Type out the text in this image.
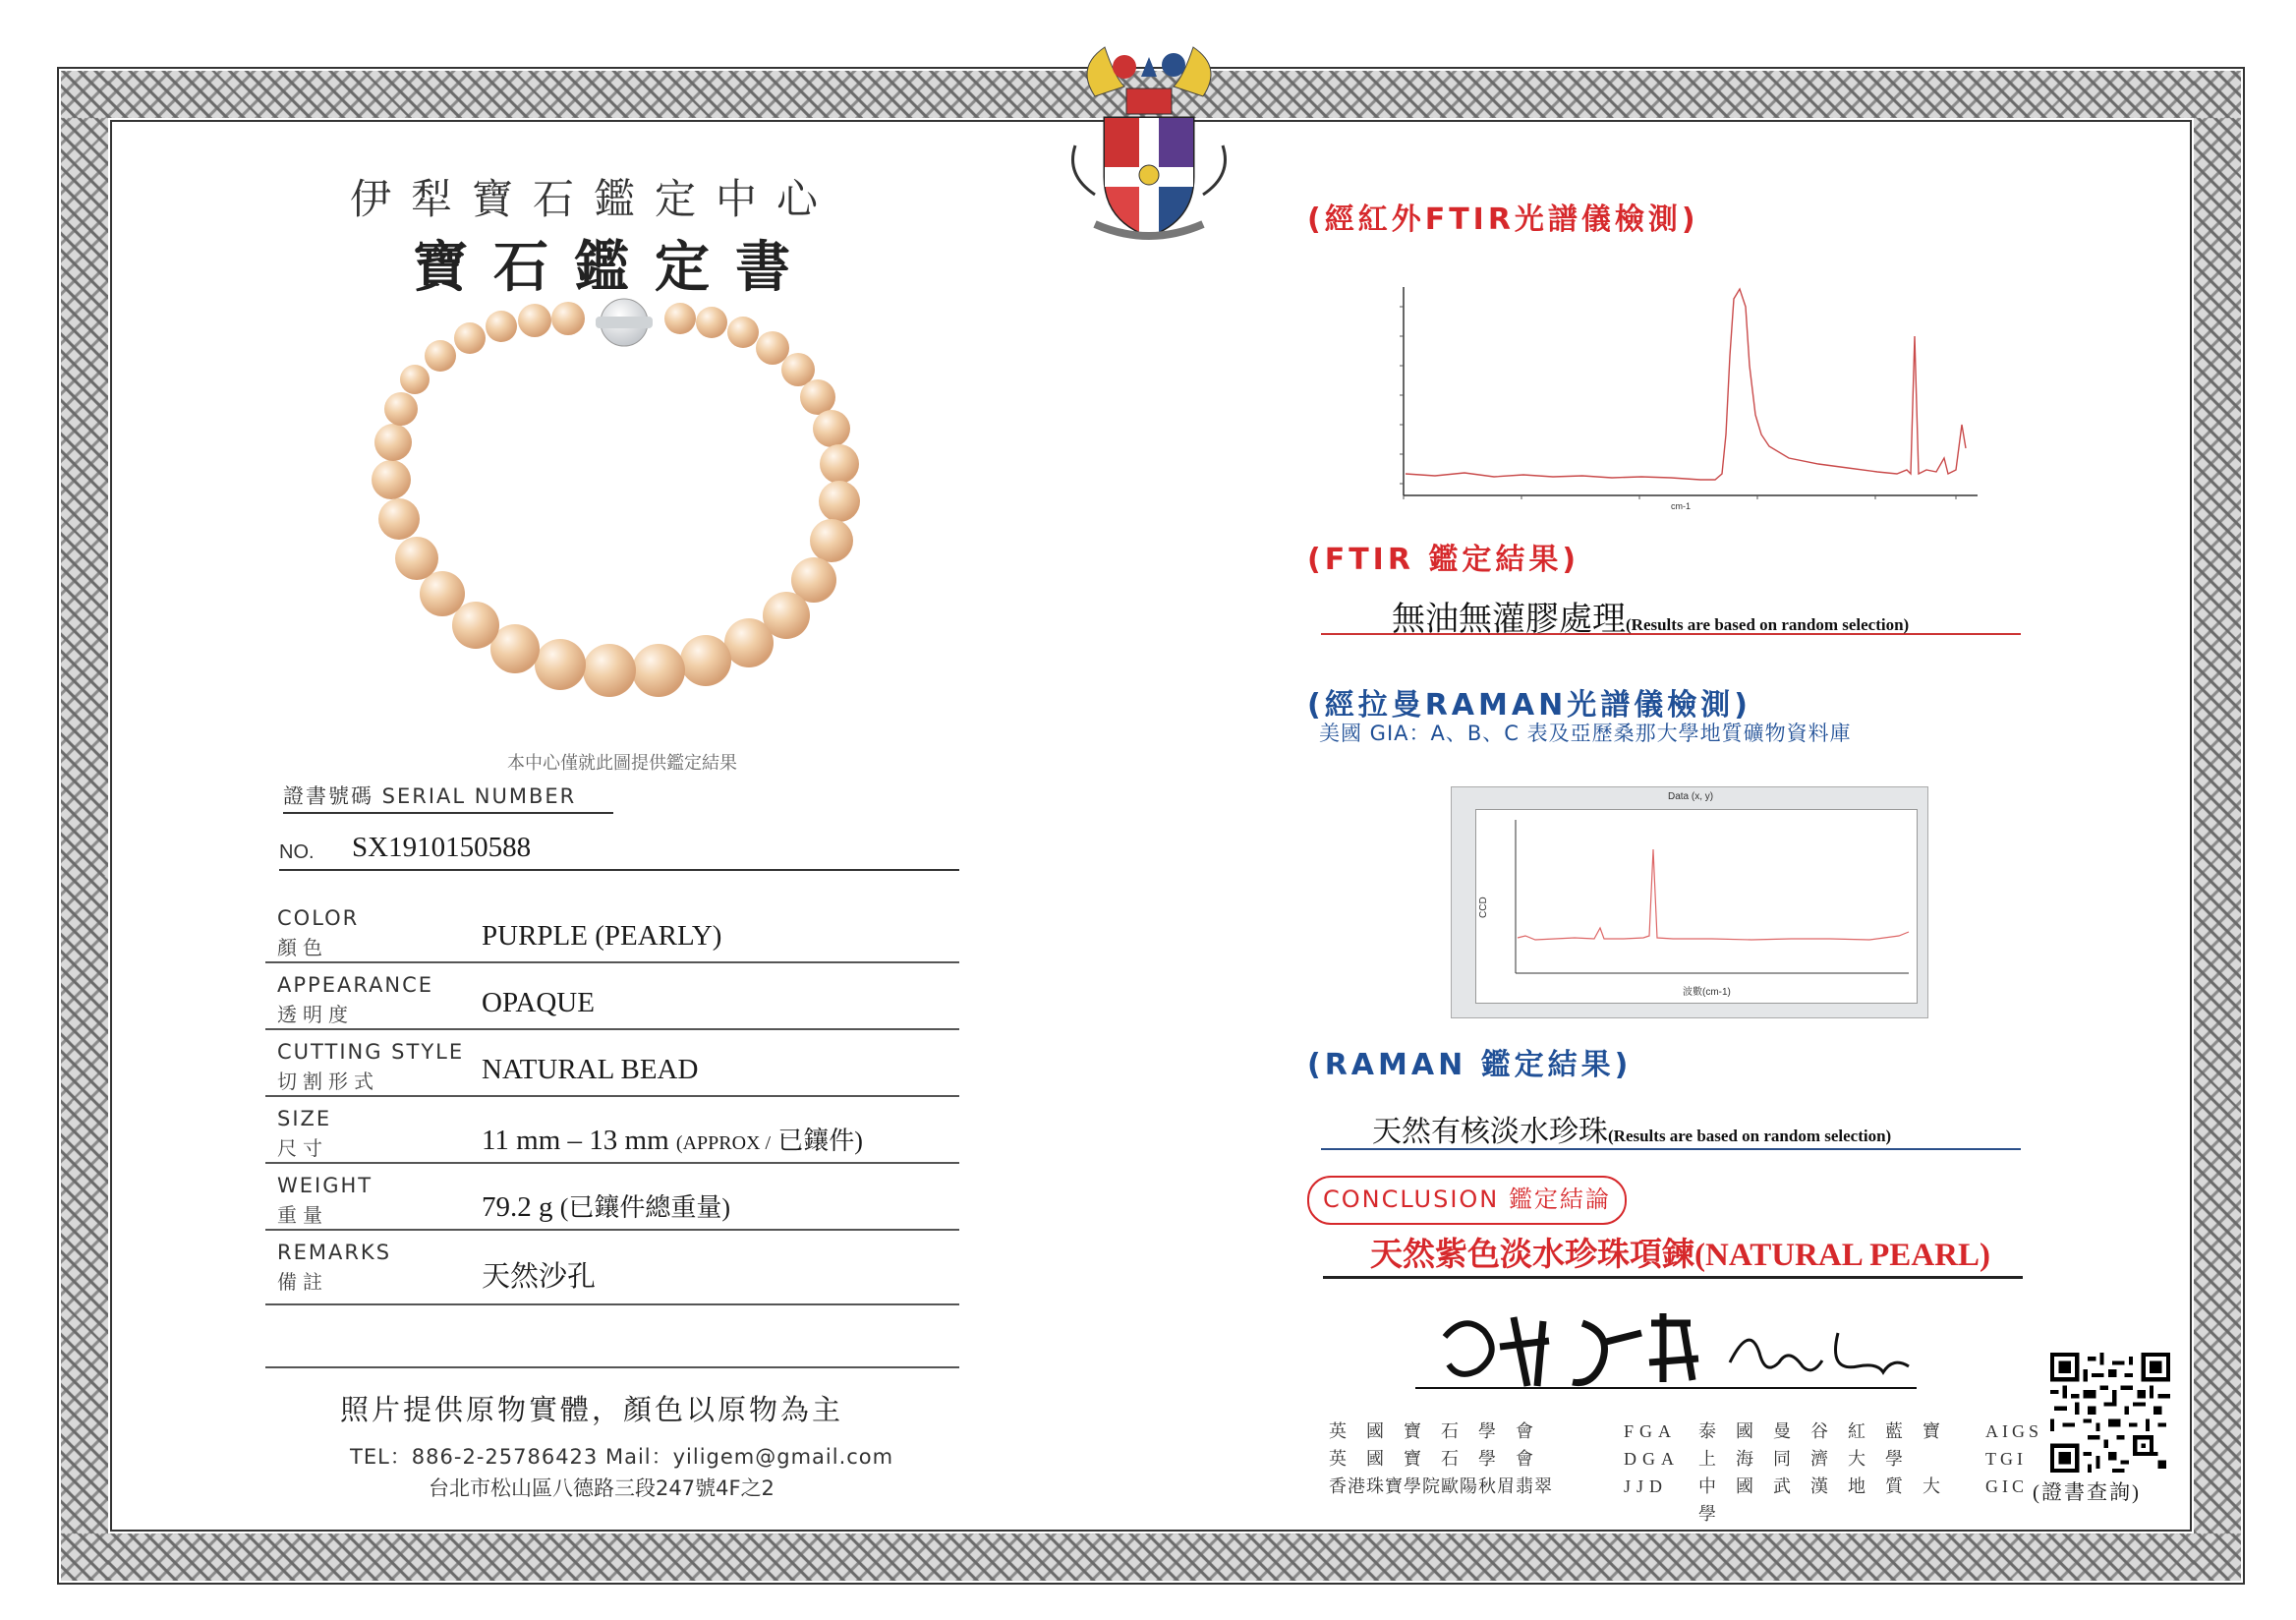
伊犁寶石鑑定中心
寶石鑑定書
本中心僅就此圖提供鑑定結果
證書號碼 SERIAL NUMBER
NO. SX1910150588
COLOR
顏色	PURPLE (PEARLY)
APPEARANCE
透明度	OPAQUE
CUTTING STYLE
切割形式	NATURAL BEAD
SIZE
尺寸	11 mm – 13 mm (APPROX / 已鑲件)
WEIGHT
重量	79.2 g (已鑲件總重量)
REMARKS
備註	天然沙孔
照片提供原物實體，顏色以原物為主
TEL：886-2-25786423 Mail：yiligem@gmail.com
台北市松山區八德路三段247號4F之2
(經紅外FTIR光譜儀檢測)
cm-1
(FTIR 鑑定結果)
無油無灌膠處理(Results are based on random selection)
(經拉曼RAMAN光譜儀檢測)
美國 GIA：A、B、C 表及亞歷桑那大學地質礦物資料庫
Data (x, y)
CCD
波數(cm-1)
(RAMAN 鑑定結果)
天然有核淡水珍珠(Results are based on random selection)
CONCLUSION 鑑定結論
天然紫色淡水珍珠項鍊(NATURAL PEARL)
英國寶石學會	FGA	泰國曼谷紅藍寶	AIGS
英國寶石學會	DGA	上海同濟大學	TGI
香港珠寶學院歐陽秋眉翡翠	JJD	中國武漢地質大學
GIC (證書查詢)
